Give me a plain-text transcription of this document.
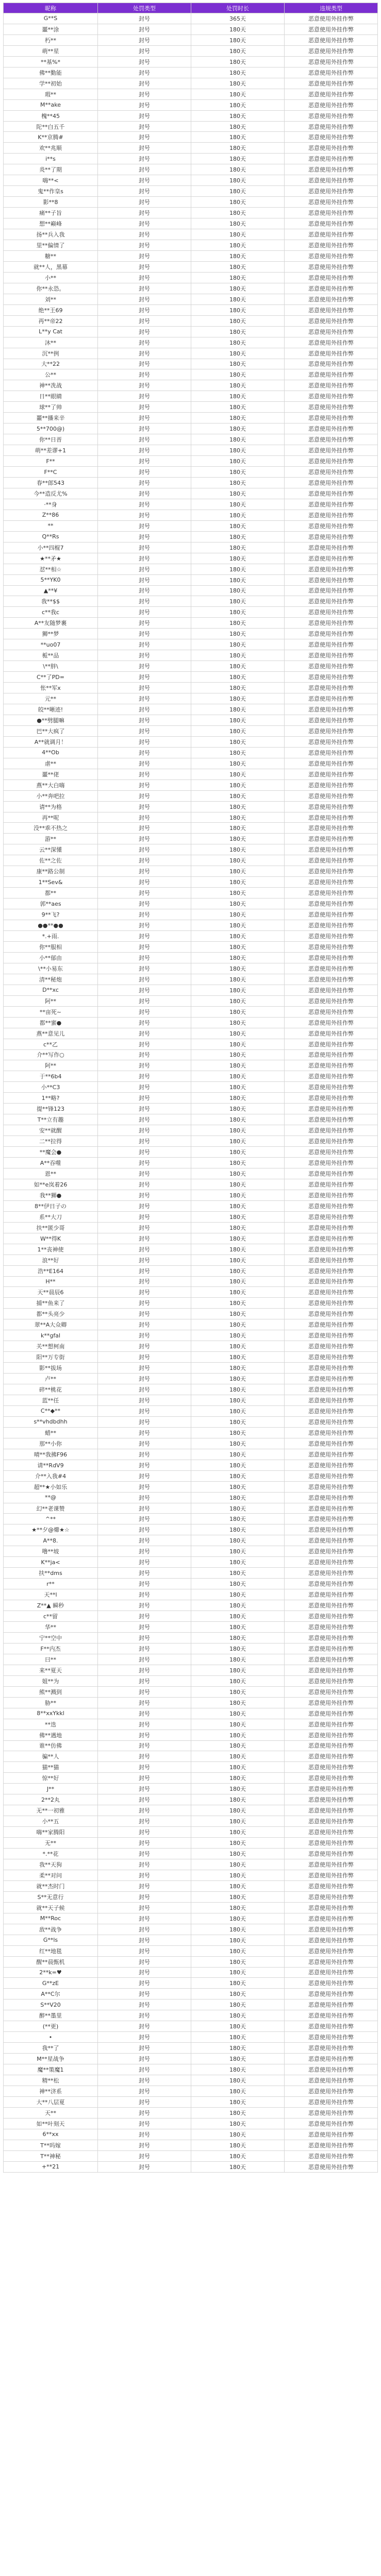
昵称	处罚类型	处罚时长	违规类型
G**S	封号	365天	恶意使用外挂作弊
噩**涂	封号	180天	恶意使用外挂作弊
朽**	封号	180天	恶意使用外挂作弊
萌**星	封号	180天	恶意使用外挂作弊
**基%*	封号	180天	恶意使用外挂作弊
佛**勤能	封号	180天	恶意使用外挂作弊
学**初始	封号	180天	恶意使用外挂作弊
瑕**	封号	180天	恶意使用外挂作弊
M**ake	封号	180天	恶意使用外挂作弊
槐**45	封号	180天	恶意使用外挂作弊
陀**白五千	封号	180天	恶意使用外挂作弊
K**京腾#	封号	180天	恶意使用外挂作弊
欢**兆顺	封号	180天	恶意使用外挂作弊
i**s	封号	180天	恶意使用外挂作弊
炎**了期	封号	180天	恶意使用外挂作弊
嗨**<	封号	180天	恶意使用外挂作弊
鬼**作皇s	封号	180天	恶意使用外挂作弊
影**8	封号	180天	恶意使用外挂作弊
痛**子旨	封号	180天	恶意使用外挂作弊
想**巅峰	封号	180天	恶意使用外挂作弊
扬**兵入我	封号	180天	恶意使用外挂作弊
里**偏情了	封号	180天	恶意使用外挂作弊
糖**	封号	180天	恶意使用外挂作弊
就**人，黑幕	封号	180天	恶意使用外挂作弊
小**	封号	180天	恶意使用外挂作弊
你**永恐。	封号	180天	恶意使用外挂作弊
刘**	封号	180天	恶意使用外挂作弊
绝**王69	封号	180天	恶意使用外挂作弊
再**帝22	封号	180天	恶意使用外挂作弊
L**y Cat	封号	180天	恶意使用外挂作弊
沐**	封号	180天	恶意使用外挂作弊
沉**例	封号	180天	恶意使用外挂作弊
大**22	封号	180天	恶意使用外挂作弊
公**	封号	180天	恶意使用外挂作弊
神**冼战	封号	180天	恶意使用外挂作弊
日**眼睛	封号	180天	恶意使用外挂作弊
球**了帅	封号	180天	恶意使用外挂作弊
噩**播来辛	封号	180天	恶意使用外挂作弊
5**700@)	封号	180天	恶意使用外挂作弊
你**日晋	封号	180天	恶意使用外挂作弊
萌**差谬+1	封号	180天	恶意使用外挂作弊
F**	封号	180天	恶意使用外挂作弊
F**C	封号	180天	恶意使用外挂作弊
春**郎543	封号	180天	恶意使用外挂作弊
今**造反尤%	封号	180天	恶意使用外挂作弊
·**身	封号	180天	恶意使用外挂作弊
Z**86	封号	180天	恶意使用外挂作弊
**	封号	180天	恶意使用外挂作弊
Q**Rs	封号	180天	恶意使用外挂作弊
小**四棍7	封号	180天	恶意使用外挂作弊
★**矛★	封号	180天	恶意使用外挂作弊
怼**相☆	封号	180天	恶意使用外挂作弊
5**YK0	封号	180天	恶意使用外挂作弊
▲**¥	封号	180天	恶意使用外挂作弊
我**$$	封号	180天	恶意使用外挂作弊
c**我c	封号	180天	恶意使用外挂作弊
A**友随梦裹	封号	180天	恶意使用外挂作弊
狮**梦	封号	180天	恶意使用外挂作弊
**uo07	封号	180天	恶意使用外挂作弊
栀**品	封号	180天	恶意使用外挂作弊
\**胖\	封号	180天	恶意使用外挂作弊
C**了PD=	封号	180天	恶意使用外挂作弊
怅**军x	封号	180天	恶意使用外挂作弊
元**	封号	180天	恶意使用外挂作弊
皎**晰迹!	封号	180天	恶意使用外挂作弊
●**劈腿嘛	封号	180天	恶意使用外挂作弊
巴**大疯了	封号	180天	恶意使用外挂作弊
A**就调月！	封号	180天	恶意使用外挂作弊
4**Ob	封号	180天	恶意使用外挂作弊
虐**	封号	180天	恶意使用外挂作弊
噩**佬	封号	180天	恶意使用外挂作弊
燕**大白嗨	封号	180天	恶意使用外挂作弊
小**奔吧拉	封号	180天	恶意使用外挂作弊
请**为格	封号	180天	恶意使用外挂作弊
再**呢	封号	180天	恶意使用外挂作弊
没**乖不热之	封号	180天	恶意使用外挂作弊
游**	封号	180天	恶意使用外挂作弊
云**深懂	封号	180天	恶意使用外挂作弊
佐**之佐	封号	180天	恶意使用外挂作弊
康**路公制	封号	180天	恶意使用外挂作弊
1**Sev&	封号	180天	恶意使用外挂作弊
都**	封号	180天	恶意使用外挂作弊
郭**aes	封号	180天	恶意使用外挂作弊
9**飞?	封号	180天	恶意使用外挂作弊
●●**●●	封号	180天	恶意使用外挂作弊
*.+雨.	封号	180天	恶意使用外挂作弊
你**服相	封号	180天	恶意使用外挂作弊
小**郁由	封号	180天	恶意使用外挂作弊
\**小易东	封号	180天	恶意使用外挂作弊
清**秘炮	封号	180天	恶意使用外挂作弊
D**xc	封号	180天	恶意使用外挂作弊
阿**	封号	180天	恶意使用外挂作弊
**亩死~	封号	180天	恶意使用外挂作弊
都**蜜●	封号	180天	恶意使用外挂作弊
燕**意见儿	封号	180天	恶意使用外挂作弊
c**乙	封号	180天	恶意使用外挂作弊
介**写作○	封号	180天	恶意使用外挂作弊
阿**	封号	180天	恶意使用外挂作弊
于**6b4	封号	180天	恶意使用外挂作弊
小**C3	封号	180天	恶意使用外挂作弊
1**略?	封号	180天	恶意使用外挂作弊
提**锋123	封号	180天	恶意使用外挂作弊
T**立有趣	封号	180天	恶意使用外挂作弊
安**就醒	封号	180天	恶意使用外挂作弊
二**拉得	封号	180天	恶意使用外挂作弊
**魔会●	封号	180天	恶意使用外挂作弊
A**吞噬	封号	180天	恶意使用外挂作弊
恩**	封号	180天	恶意使用外挂作弊
如**e岚着26	封号	180天	恶意使用外挂作弊
我**狮●	封号	180天	恶意使用外挂作弊
8**伊日子の	封号	180天	恶意使用外挂作弊
系**大刀	封号	180天	恶意使用外挂作弊
扶**匿少哥	封号	180天	恶意使用外挂作弊
W**得K	封号	180天	恶意使用外挂作弊
1**丧神使	封号	180天	恶意使用外挂作弊
浪**好	封号	180天	恶意使用外挂作弊
浩**E164	封号	180天	恶意使用外挂作弊
H**	封号	180天	恶意使用外挂作弊
天**晨辰6	封号	180天	恶意使用外挂作弊
捕**鱼来了	封号	180天	恶意使用外挂作弊
都**头亮少	封号	180天	恶意使用外挂作弊
翠**A大众卿	封号	180天	恶意使用外挂作弊
k**gfal	封号	180天	恶意使用外挂作弊
关**想柯南	封号	180天	恶意使用外挂作弊
阳**万专街	封号	180天	恶意使用外挂作弊
影**拔场	封号	180天	恶意使用外挂作弊
卢**	封号	180天	恶意使用外挂作弊
碎**桃花	封号	180天	恶意使用外挂作弊
蓝**任	封号	180天	恶意使用外挂作弊
C**◆**	封号	180天	恶意使用外挂作弊
s**vhdbdhh	封号	180天	恶意使用外挂作弊
蜡**	封号	180天	恶意使用外挂作弊
那**小你	封号	180天	恶意使用外挂作弊
晴**我拂F96	封号	180天	恶意使用外挂作弊
请**RdV9	封号	180天	恶意使用外挂作弊
介**入我#4	封号	180天	恶意使用外挂作弊
超**★小如乐	封号	180天	恶意使用外挂作弊
**@	封号	180天	恶意使用外挂作弊
幻**老课赞	封号	180天	恶意使用外挂作弊
^**	封号	180天	恶意使用外挂作弊
★**夕@㸅★☆	封号	180天	恶意使用外挂作弊
A**8.	封号	180天	恶意使用外挂作弊
噜**坡	封号	180天	恶意使用外挂作弊
K**ja<	封号	180天	恶意使用外挂作弊
扶**dms	封号	180天	恶意使用外挂作弊
r**	封号	180天	恶意使用外挂作弊
天**l	封号	180天	恶意使用外挂作弊
Z**▲ 瞬秒	封号	180天	恶意使用外挂作弊
c**留	封号	180天	恶意使用外挂作弊
华**	封号	180天	恶意使用外挂作弊
宁**空中	封号	180天	恶意使用外挂作弊
F**内杰	封号	180天	恶意使用外挂作弊
曰**	封号	180天	恶意使用外挂作弊
来**夏天	封号	180天	恶意使用外挂作弊
姐**为	封号	180天	恶意使用外挂作弊
熊**溅到	封号	180天	恶意使用外挂作弊
胁**	封号	180天	恶意使用外挂作弊
8**xxYkkl	封号	180天	恶意使用外挂作弊
**迭	封号	180天	恶意使用外挂作弊
佛**遇地	封号	180天	恶意使用外挂作弊
谁**仿佛	封号	180天	恶意使用外挂作弊
骗**人	封号	180天	恶意使用外挂作弊
猫**猫	封号	180天	恶意使用外挂作弊
惊**好	封号	180天	恶意使用外挂作弊
J**	封号	180天	恶意使用外挂作弊
2**2丸	封号	180天	恶意使用外挂作弊
无**一初雅	封号	180天	恶意使用外挂作弊
小**五	封号	180天	恶意使用外挂作弊
嗨**家腾阳	封号	180天	恶意使用外挂作弊
无**	封号	180天	恶意使用外挂作弊
*.**花	封号	180天	恶意使用外挂作弊
我**天狗	封号	180天	恶意使用外挂作弊
柔**对问	封号	180天	恶意使用外挂作弊
就**杰时门	封号	180天	恶意使用外挂作弊
S**无意行	封号	180天	恶意使用外挂作弊
就**天子候	封号	180天	恶意使用外挂作弊
M**Roc	封号	180天	恶意使用外挂作弊
敌**战争	封号	180天	恶意使用外挂作弊
G**ls	封号	180天	恶意使用外挂作弊
红**地毯	封号	180天	恶意使用外挂作弊
醒**晨甄机	封号	180天	恶意使用外挂作弊
2**k=♥	封号	180天	恶意使用外挂作弊
G**zE	封号	180天	恶意使用外挂作弊
A**C尔	封号	180天	恶意使用外挂作弊
S**V20	封号	180天	恶意使用外挂作弊
醉**墨里	封号	180天	恶意使用外挂作弊
(**更)	封号	180天	恶意使用外挂作弊
•	封号	180天	恶意使用外挂作弊
我**了	封号	180天	恶意使用外挂作弊
M**星战争	封号	180天	恶意使用外挂作弊
魔**策魔1	封号	180天	恶意使用外挂作弊
精**松	封号	180天	恶意使用外挂作弊
神**济系	封号	180天	恶意使用外挂作弊
大**八层夏	封号	180天	恶意使用外挂作弊
天**	封号	180天	恶意使用外挂作弊
如**叶刻天	封号	180天	恶意使用外挂作弊
6**xx	封号	180天	恶意使用外挂作弊
T**吗嫁	封号	180天	恶意使用外挂作弊
T**神秘	封号	180天	恶意使用外挂作弊
+**21	封号	180天	恶意使用外挂作弊
